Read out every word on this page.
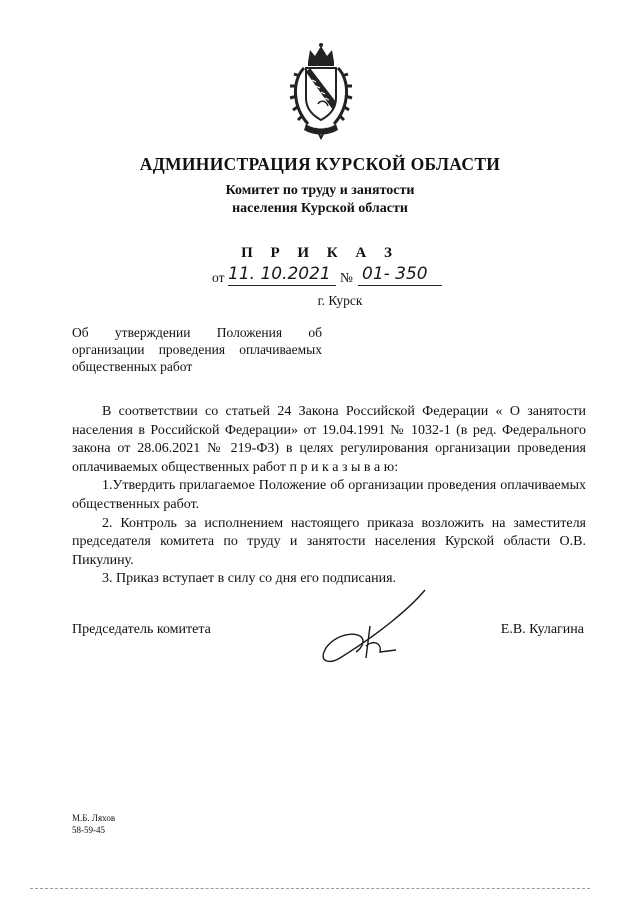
АДМИНИСТРАЦИЯ КУРСКОЙ ОБЛАСТИ
Комитет по труду и занятости
населения Курской области
П Р И К А З
от 11. 10.2021 № 01- 350
г. Курск
Об утверждении Положения об
организации проведения оплачиваемых
общественных работ

В соответствии со статьей 24 Закона Российской Федерации « О занятости населения в Российской Федерации» от 19.04.1991 № 1032-1 (в ред. Федерального закона от 28.06.2021 № 219-ФЗ) в целях регулирования организации проведения оплачиваемых общественных работ п р и к а з ы в а ю:

1.Утвердить прилагаемое Положение об организации проведения оплачиваемых общественных работ.

2. Контроль за исполнением настоящего приказа возложить на заместителя председателя комитета по труду и занятости населения Курской области О.В. Пикулину.

3. Приказ вступает в силу со дня его подписания.

Председатель комитета	Е.В. Кулагина
М.Б. Ляхов
58-59-45
